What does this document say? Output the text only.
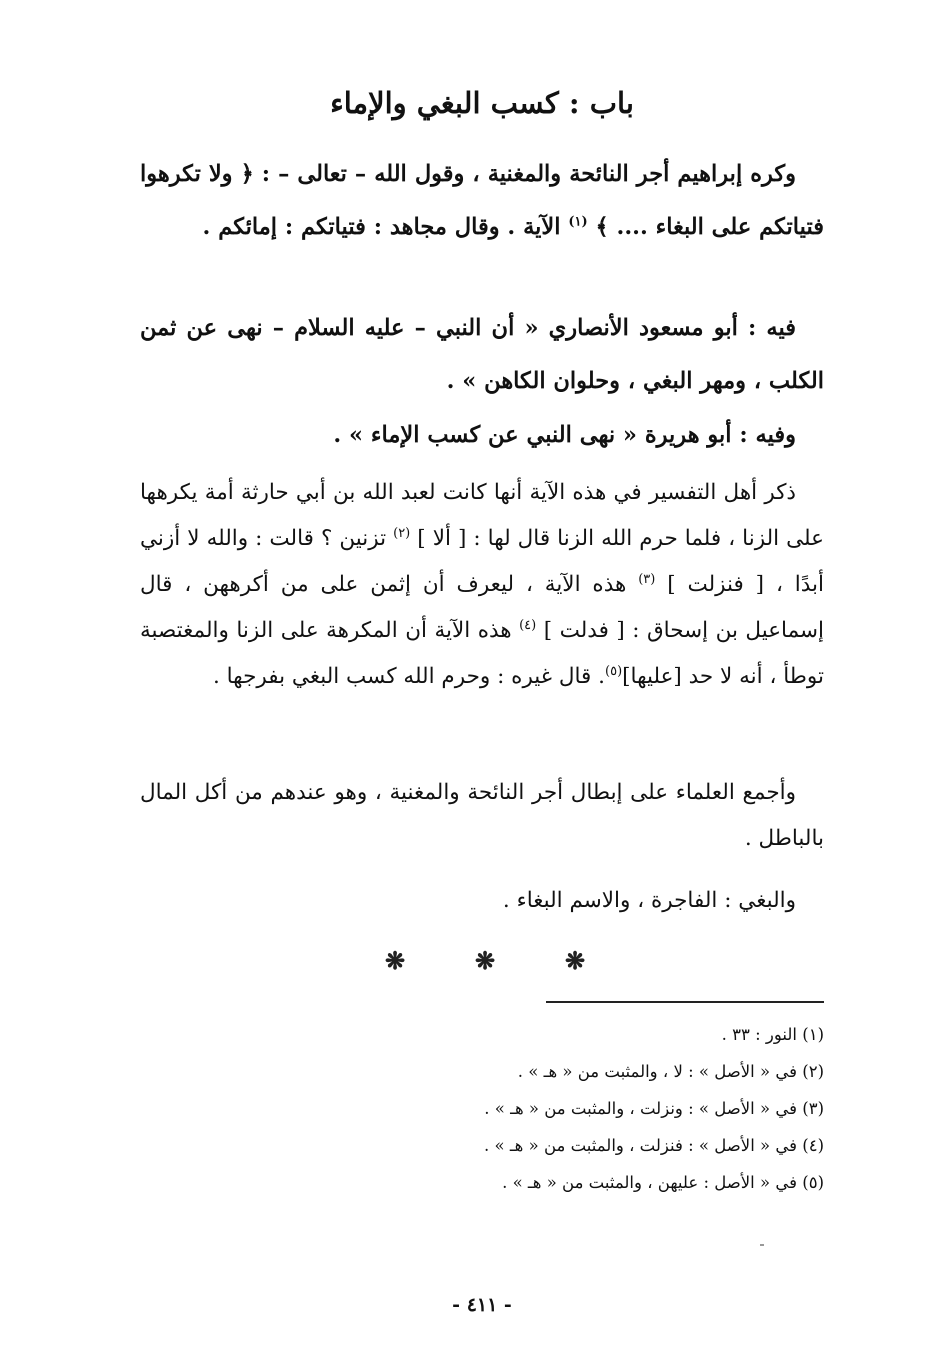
باب : كسب البغي والإماء
وكره إبراهيم أجر النائحة والمغنية ، وقول الله – تعالى – : ﴿ ولا تكرهوا فتياتكم على البغاء .... ﴾ $^{(١)}$ الآية . وقال مجاهد : فتياتكم : إمائكم .
فيه : أبو مسعود الأنصاري « أن النبي – عليه السلام – نهى عن ثمن الكلب ، ومهر البغي ، وحلوان الكاهن » .
وفيه : أبو هريرة « نهى النبي عن كسب الإماء » .
ذكر أهل التفسير في هذه الآية أنها كانت لعبد الله بن أبي حارثة أمة يكرهها على الزنا ، فلما حرم الله الزنا قال لها : [ ألا ] $^{(٢)}$ تزنين ؟ قالت : والله لا أزني أبدًا ، [ فنزلت ] $^{(٣)}$ هذه الآية ، ليعرف أن إثمن على من أكرههن ، قال إسماعيل بن إسحاق : [ فدلت ] $^{(٤)}$ هذه الآية أن المكرهة على الزنا والمغتصبة توطأ ، أنه لا حد [عليها]$^{(٥)}$. قال غيره : وحرم الله كسب البغي بفرجها .
وأجمع العلماء على إبطال أجر النائحة والمغنية ، وهو عندهم من أكل المال بالباطل .
والبغي : الفاجرة ، والاسم البغاء .
❋	❋	❋
(١) النور : ٣٣ .
(٢) في « الأصل » : لا ، والمثبت من « هـ » .
(٣) في « الأصل » : ونزلت ، والمثبت من « هـ » .
(٤) في « الأصل » : فنزلت ، والمثبت من « هـ » .
(٥) في « الأصل : عليهن ، والمثبت من « هـ » .
- ٤١١ -
